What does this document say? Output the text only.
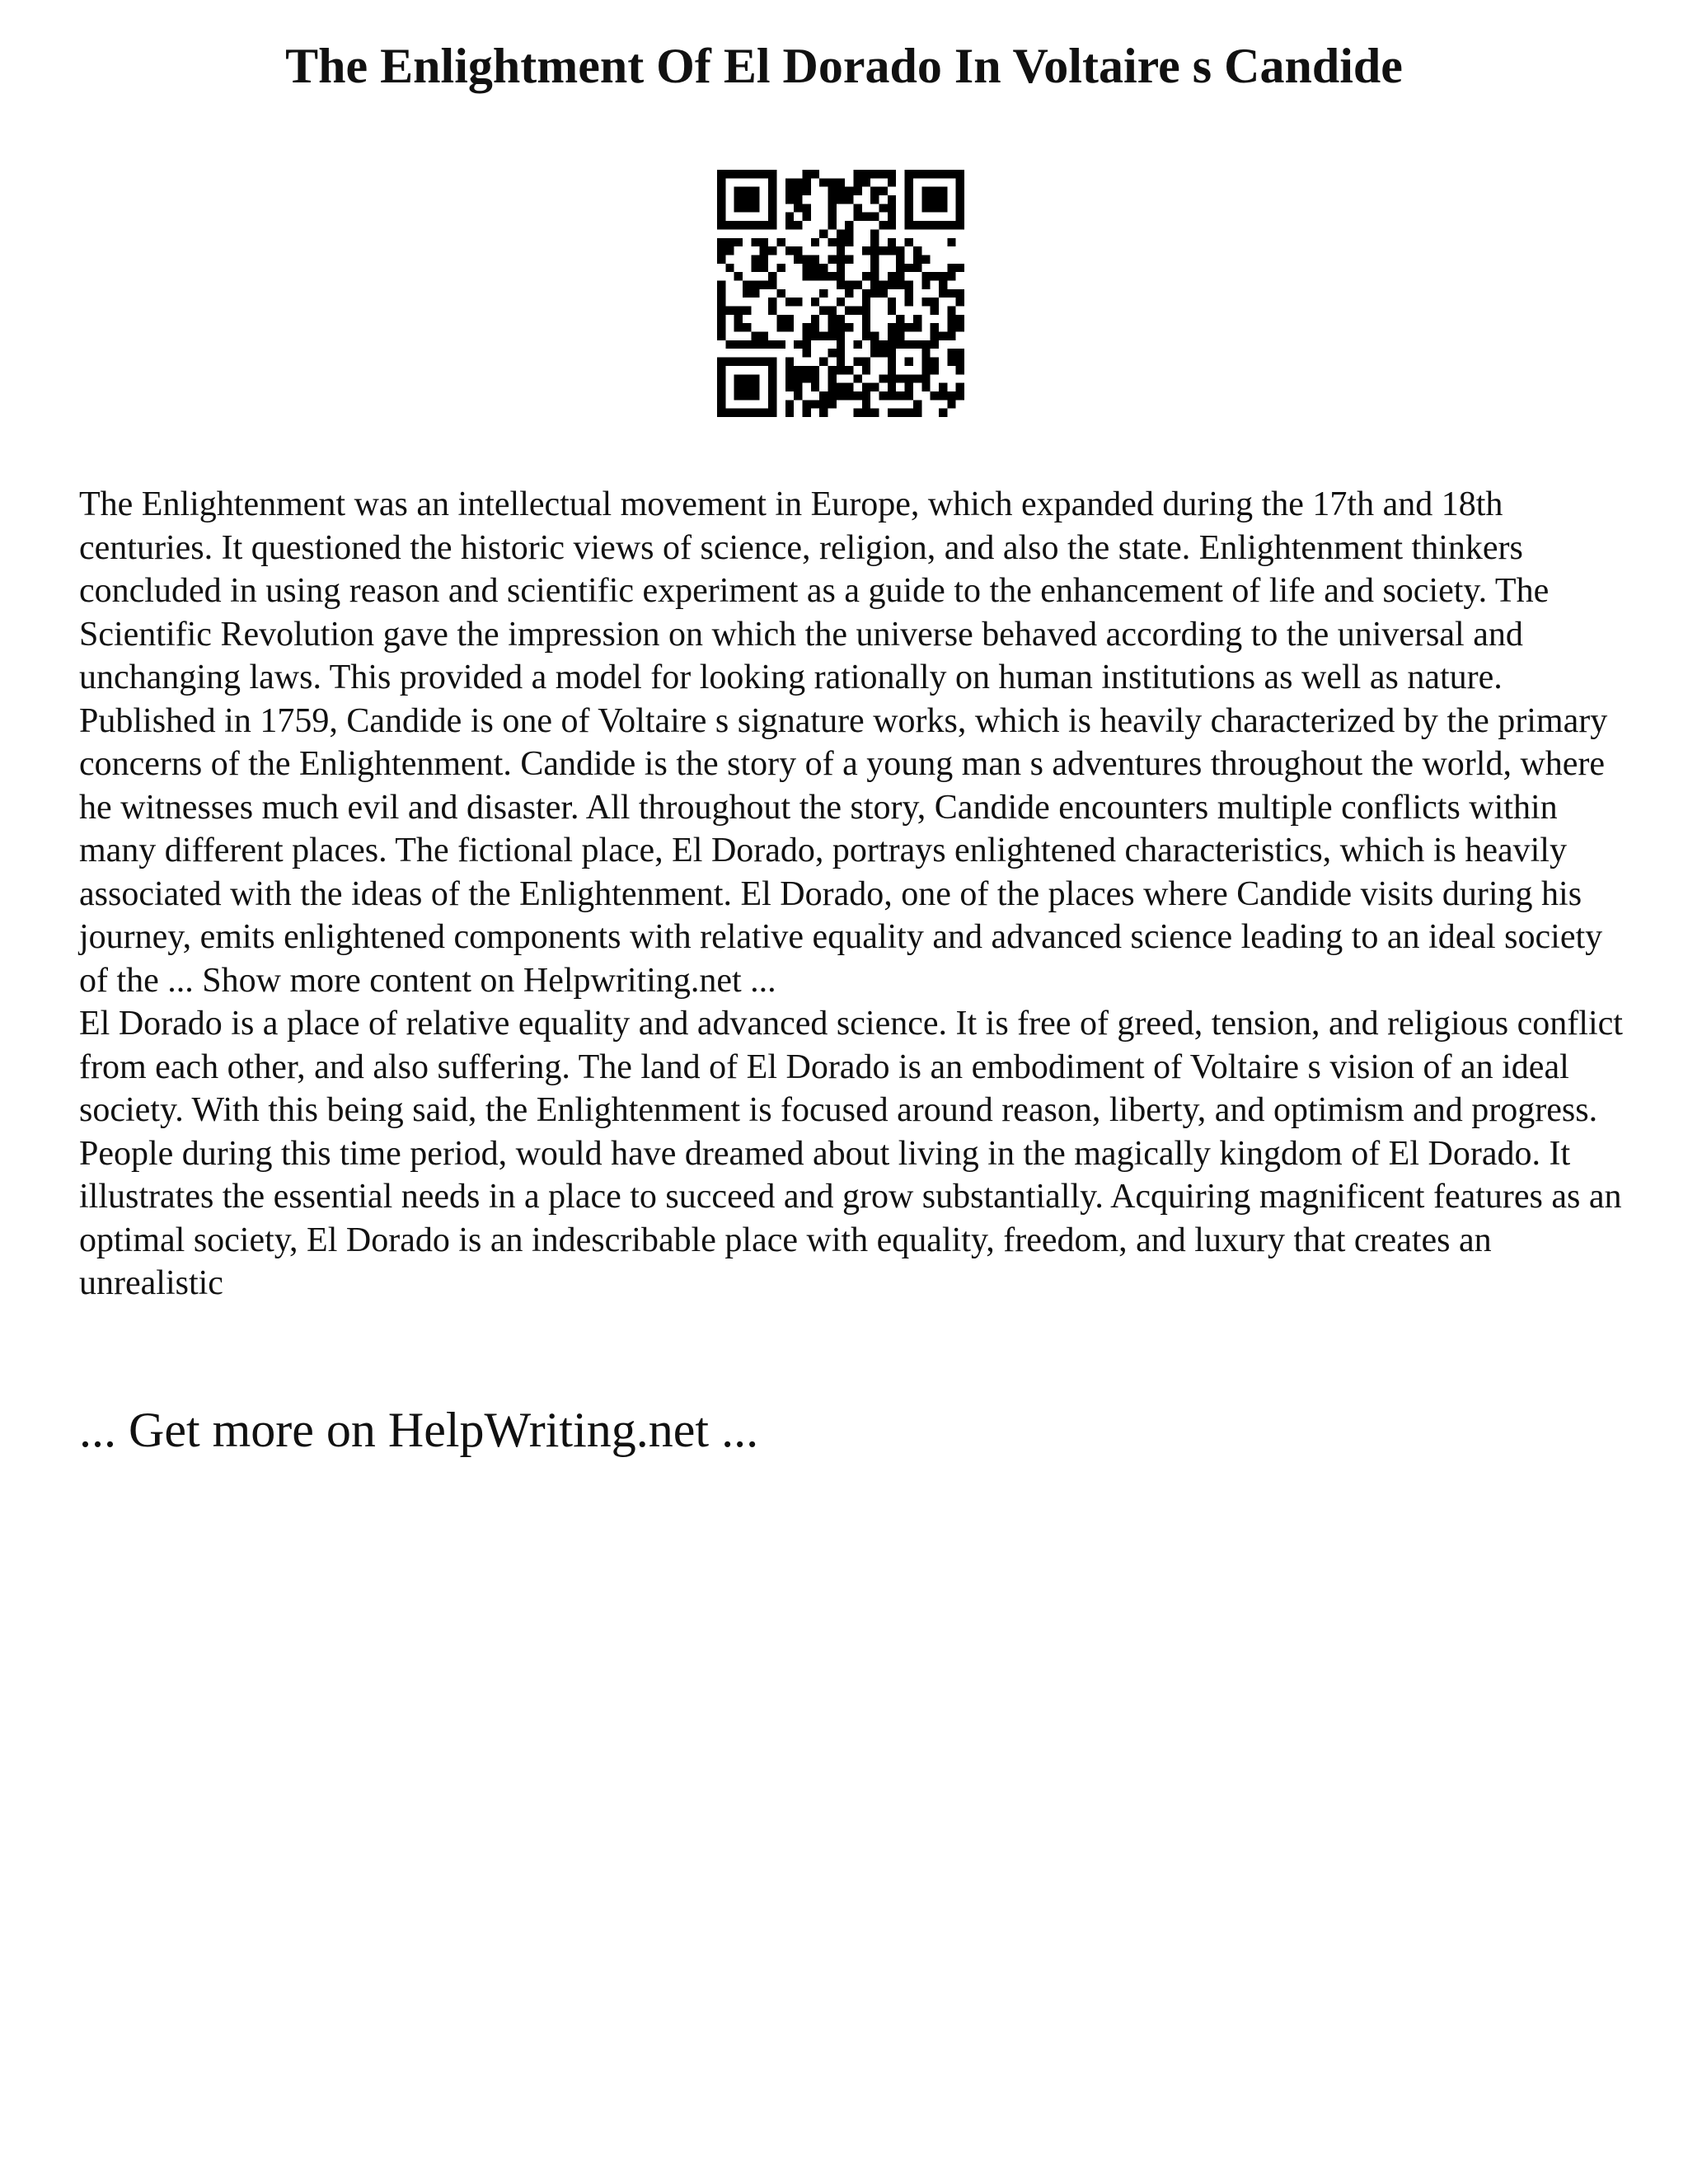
The Enlightment Of El Dorado In Voltaire s Candide

The Enlightenment was an intellectual movement in Europe, which expanded during the 17th and 18th centuries. It questioned the historic views of science, religion, and also the state. Enlightenment thinkers concluded in using reason and scientific experiment as a guide to the enhancement of life and society. The Scientific Revolution gave the impression on which the universe behaved according to the universal and unchanging laws. This provided a model for looking rationally on human institutions as well as nature. Published in 1759, Candide is one of Voltaire s signature works, which is heavily characterized by the primary concerns of the Enlightenment. Candide is the story of a young man s adventures throughout the world, where he witnesses much evil and disaster. All throughout the story, Candide encounters multiple conflicts within many different places. The fictional place, El Dorado, portrays enlightened characteristics, which is heavily associated with the ideas of the Enlightenment. El Dorado, one of the places where Candide visits during his journey, emits enlightened components with relative equality and advanced science leading to an ideal society of the ... Show more content on Helpwriting.net ...

El Dorado is a place of relative equality and advanced science. It is free of greed, tension, and religious conflict from each other, and also suffering. The land of El Dorado is an embodiment of Voltaire s vision of an ideal society. With this being said, the Enlightenment is focused around reason, liberty, and optimism and progress. People during this time period, would have dreamed about living in the magically kingdom of El Dorado. It illustrates the essential needs in a place to succeed and grow substantially. Acquiring magnificent features as an optimal society, El Dorado is an indescribable place with equality, freedom, and luxury that creates an unrealistic

... Get more on HelpWriting.net ...
